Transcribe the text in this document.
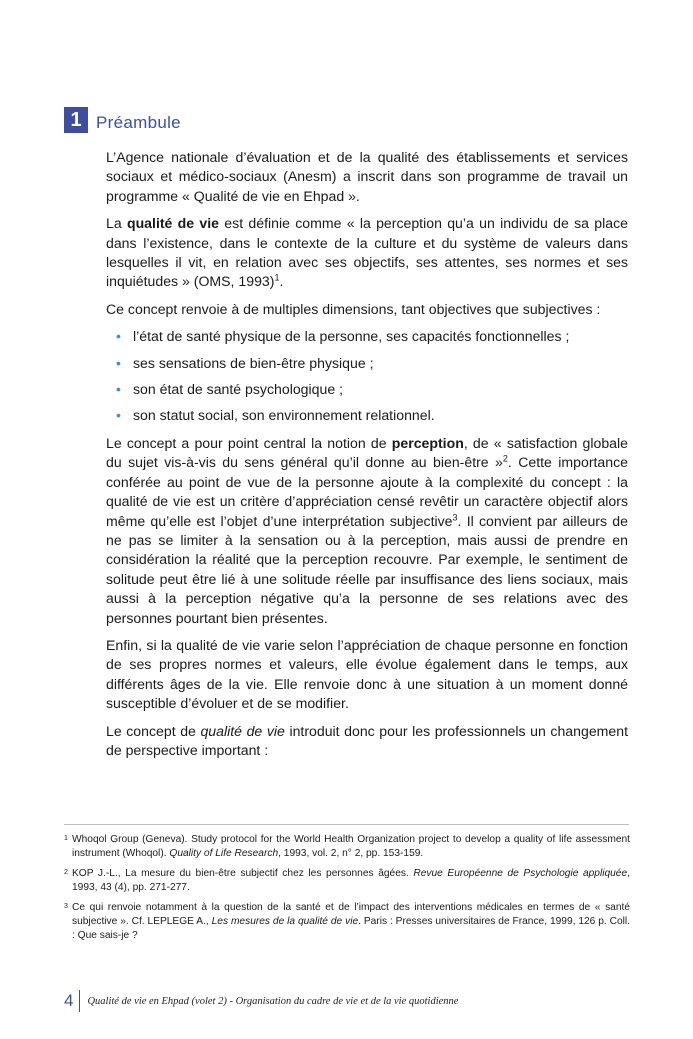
1 Préambule

L’Agence nationale d’évaluation et de la qualité des établissements et services sociaux et médico-sociaux (Anesm) a inscrit dans son programme de travail un programme « Qualité de vie en Ehpad ».

La qualité de vie est définie comme « la perception qu’a un individu de sa place dans l’existence, dans le contexte de la culture et du système de valeurs dans lesquelles il vit, en relation avec ses objectifs, ses attentes, ses normes et ses inquiétudes » (OMS, 1993)$^1$.

Ce concept renvoie à de multiples dimensions, tant objectives que subjectives :

• l’état de santé physique de la personne, ses capacités fonctionnelles ;
• ses sensations de bien-être physique ;
• son état de santé psychologique ;
• son statut social, son environnement relationnel.

Le concept a pour point central la notion de perception, de « satisfaction globale du sujet vis-à-vis du sens général qu’il donne au bien-être »$^2$. Cette importance conférée au point de vue de la personne ajoute à la complexité du concept : la qualité de vie est un critère d’appréciation censé revêtir un caractère objectif alors même qu’elle est l’objet d’une interprétation subjective$^3$. Il convient par ailleurs de ne pas se limiter à la sensation ou à la perception, mais aussi de prendre en considération la réalité que la perception recouvre. Par exemple, le sentiment de solitude peut être lié à une solitude réelle par insuffisance des liens sociaux, mais aussi à la perception négative qu’a la personne de ses relations avec des personnes pourtant bien présentes.

Enfin, si la qualité de vie varie selon l’appréciation de chaque personne en fonction de ses propres normes et valeurs, elle évolue également dans le temps, aux différents âges de la vie. Elle renvoie donc à une situation à un moment donné susceptible d’évoluer et de se modifier.

Le concept de qualité de vie introduit donc pour les professionnels un changement de perspective important :

1 Whoqol Group (Geneva). Study protocol for the World Health Organization project to develop a quality of life assessment instrument (Whoqol). Quality of Life Research, 1993, vol. 2, n° 2, pp. 153-159.
2 KOP J.-L., La mesure du bien-être subjectif chez les personnes âgées. Revue Européenne de Psychologie appliquée, 1993, 43 (4), pp. 271-277.
3 Ce qui renvoie notamment à la question de la santé et de l’impact des interventions médicales en termes de « santé subjective ». Cf. LEPLEGE A., Les mesures de la qualité de vie. Paris : Presses universitaires de France, 1999, 126 p. Coll. : Que sais-je ?
4 Qualité de vie en Ehpad (volet 2) - Organisation du cadre de vie et de la vie quotidienne
